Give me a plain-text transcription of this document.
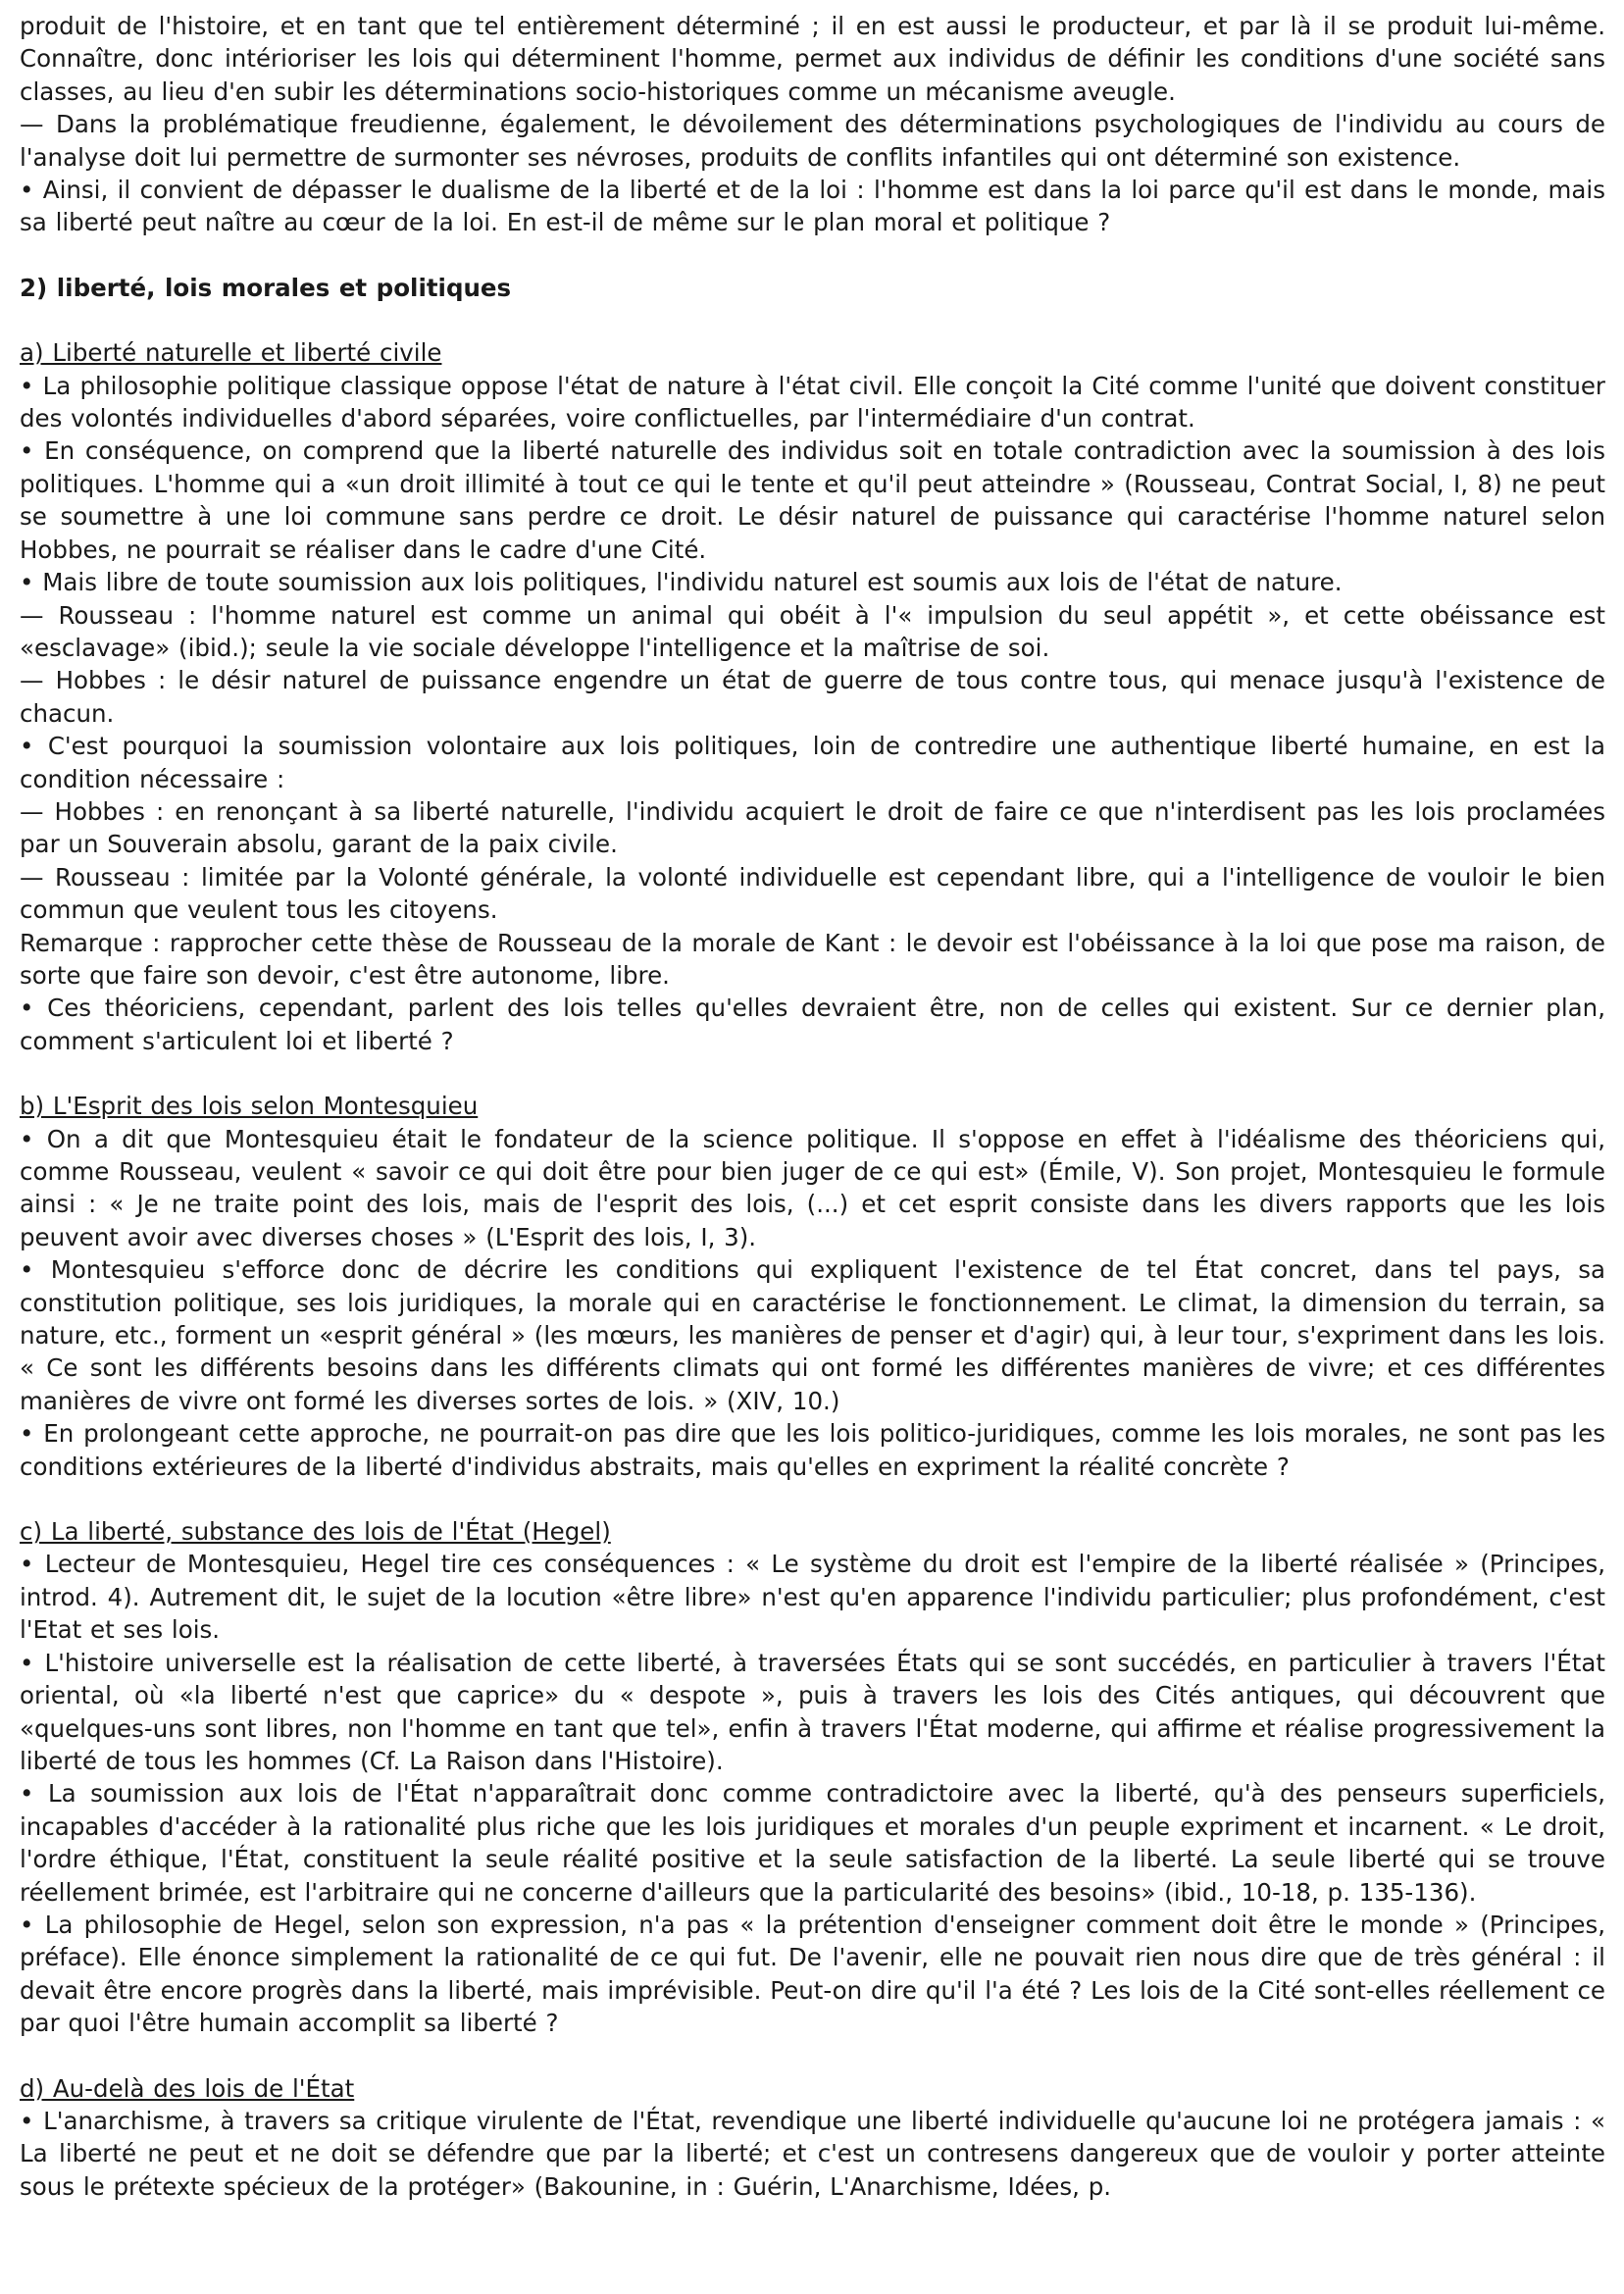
produit de l'histoire, et en tant que tel entièrement déterminé ; il en est aussi le producteur, et par là il se produit lui-même. Connaître, donc intérioriser les lois qui déterminent l'homme, permet aux individus de définir les conditions d'une société sans classes, au lieu d'en subir les déterminations socio-historiques comme un mécanisme aveugle.

— Dans la problématique freudienne, également, le dévoilement des déterminations psychologiques de l'individu au cours de l'analyse doit lui permettre de surmonter ses névroses, produits de conflits infantiles qui ont déterminé son existence.

• Ainsi, il convient de dépasser le dualisme de la liberté et de la loi : l'homme est dans la loi parce qu'il est dans le monde, mais sa liberté peut naître au cœur de la loi. En est-il de même sur le plan moral et politique ?

2) liberté, lois morales et politiques

a) Liberté naturelle et liberté civile

• La philosophie politique classique oppose l'état de nature à l'état civil. Elle conçoit la Cité comme l'unité que doivent constituer des volontés individuelles d'abord séparées, voire conflictuelles, par l'intermédiaire d'un contrat.

• En conséquence, on comprend que la liberté naturelle des individus soit en totale contradiction avec la soumission à des lois politiques. L'homme qui a «un droit illimité à tout ce qui le tente et qu'il peut atteindre » (Rousseau, Contrat Social, I, 8) ne peut se soumettre à une loi commune sans perdre ce droit. Le désir naturel de puissance qui caractérise l'homme naturel selon Hobbes, ne pourrait se réaliser dans le cadre d'une Cité.

• Mais libre de toute soumission aux lois politiques, l'individu naturel est soumis aux lois de l'état de nature.

— Rousseau : l'homme naturel est comme un animal qui obéit à l'« impulsion du seul appétit », et cette obéissance est «esclavage» (ibid.); seule la vie sociale développe l'intelligence et la maîtrise de soi.

— Hobbes : le désir naturel de puissance engendre un état de guerre de tous contre tous, qui menace jusqu'à l'existence de chacun.

• C'est pourquoi la soumission volontaire aux lois politiques, loin de contredire une authentique liberté humaine, en est la condition nécessaire :

— Hobbes : en renonçant à sa liberté naturelle, l'individu acquiert le droit de faire ce que n'interdisent pas les lois proclamées par un Souverain absolu, garant de la paix civile.

— Rousseau : limitée par la Volonté générale, la volonté individuelle est cependant libre, qui a l'intelligence de vouloir le bien commun que veulent tous les citoyens.

Remarque : rapprocher cette thèse de Rousseau de la morale de Kant : le devoir est l'obéissance à la loi que pose ma raison, de sorte que faire son devoir, c'est être autonome, libre.

• Ces théoriciens, cependant, parlent des lois telles qu'elles devraient être, non de celles qui existent. Sur ce dernier plan, comment s'articulent loi et liberté ?

b) L'Esprit des lois selon Montesquieu

• On a dit que Montesquieu était le fondateur de la science politique. Il s'oppose en effet à l'idéalisme des théoriciens qui, comme Rousseau, veulent « savoir ce qui doit être pour bien juger de ce qui est» (Émile, V). Son projet, Montesquieu le formule ainsi : « Je ne traite point des lois, mais de l'esprit des lois, (...) et cet esprit consiste dans les divers rapports que les lois peuvent avoir avec diverses choses » (L'Esprit des lois, I, 3).

• Montesquieu s'efforce donc de décrire les conditions qui expliquent l'existence de tel État concret, dans tel pays, sa constitution politique, ses lois juridiques, la morale qui en caractérise le fonctionnement. Le climat, la dimension du terrain, sa nature, etc., forment un «esprit général » (les mœurs, les manières de penser et d'agir) qui, à leur tour, s'expriment dans les lois. « Ce sont les différents besoins dans les différents climats qui ont formé les différentes manières de vivre; et ces différentes manières de vivre ont formé les diverses sortes de lois. » (XIV, 10.)

• En prolongeant cette approche, ne pourrait-on pas dire que les lois politico-juridiques, comme les lois morales, ne sont pas les conditions extérieures de la liberté d'individus abstraits, mais qu'elles en expriment la réalité concrète ?

c) La liberté, substance des lois de l'État (Hegel)

• Lecteur de Montesquieu, Hegel tire ces conséquences : « Le système du droit est l'empire de la liberté réalisée » (Principes, introd. 4). Autrement dit, le sujet de la locution «être libre» n'est qu'en apparence l'individu particulier; plus profondément, c'est l'Etat et ses lois.

• L'histoire universelle est la réalisation de cette liberté, à traversées États qui se sont succédés, en particulier à travers l'État oriental, où «la liberté n'est que caprice» du « despote », puis à travers les lois des Cités antiques, qui découvrent que «quelques-uns sont libres, non l'homme en tant que tel», enfin à travers l'État moderne, qui affirme et réalise progressivement la liberté de tous les hommes (Cf. La Raison dans l'Histoire).

• La soumission aux lois de l'État n'apparaîtrait donc comme contradictoire avec la liberté, qu'à des penseurs superficiels, incapables d'accéder à la rationalité plus riche que les lois juridiques et morales d'un peuple expriment et incarnent. « Le droit, l'ordre éthique, l'État, constituent la seule réalité positive et la seule satisfaction de la liberté. La seule liberté qui se trouve réellement brimée, est l'arbitraire qui ne concerne d'ailleurs que la particularité des besoins» (ibid., 10-18, p. 135-136).

• La philosophie de Hegel, selon son expression, n'a pas « la prétention d'enseigner comment doit être le monde » (Principes, préface). Elle énonce simplement la rationalité de ce qui fut. De l'avenir, elle ne pouvait rien nous dire que de très général : il devait être encore progrès dans la liberté, mais imprévisible. Peut-on dire qu'il l'a été ? Les lois de la Cité sont-elles réellement ce par quoi l'être humain accomplit sa liberté ?

d) Au-delà des lois de l'État

• L'anarchisme, à travers sa critique virulente de l'État, revendique une liberté individuelle qu'aucune loi ne protégera jamais : « La liberté ne peut et ne doit se défendre que par la liberté; et c'est un contresens dangereux que de vouloir y porter atteinte sous le prétexte spécieux de la protéger» (Bakounine, in : Guérin, L'Anarchisme, Idées, p.
